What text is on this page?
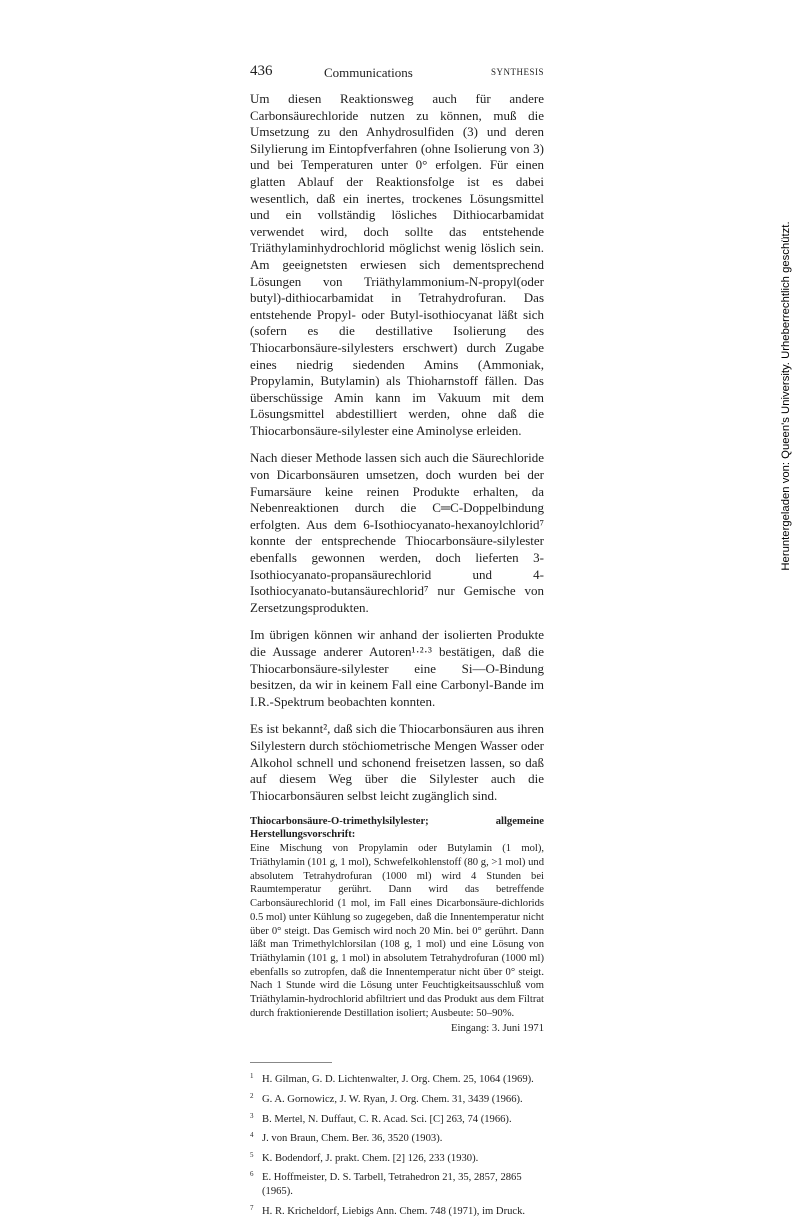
436	Communications	SYNTHESIS

Um diesen Reaktionsweg auch für andere Carbonsäurechloride nutzen zu können, muß die Umsetzung zu den Anhydrosulfiden (3) und deren Silylierung im Eintopfverfahren (ohne Isolierung von 3) und bei Temperaturen unter 0° erfolgen. Für einen glatten Ablauf der Reaktionsfolge ist es dabei wesentlich, daß ein inertes, trockenes Lösungsmittel und ein vollständig lösliches Dithiocarbamidat verwendet wird, doch sollte das entstehende Triäthylaminhydrochlorid möglichst wenig löslich sein. Am geeignetsten erwiesen sich dementsprechend Lösungen von Triäthylammonium-N-propyl(oder butyl)-dithiocarbamidat in Tetrahydrofuran. Das entstehende Propyl- oder Butyl-isothiocyanat läßt sich (sofern es die destillative Isolierung des Thiocarbonsäure-silylesters erschwert) durch Zugabe eines niedrig siedenden Amins (Ammoniak, Propylamin, Butylamin) als Thioharnstoff fällen. Das überschüssige Amin kann im Vakuum mit dem Lösungsmittel abdestilliert werden, ohne daß die Thiocarbonsäure-silylester eine Aminolyse erleiden.

Nach dieser Methode lassen sich auch die Säurechloride von Dicarbonsäuren umsetzen, doch wurden bei der Fumarsäure keine reinen Produkte erhalten, da Nebenreaktionen durch die C═C-Doppelbindung erfolgten. Aus dem 6-Isothiocyanato-hexanoylchlorid⁷ konnte der entsprechende Thiocarbonsäure-silylester ebenfalls gewonnen werden, doch lieferten 3-Isothiocyanato-propansäurechlorid und 4-Isothiocyanato-butansäurechlorid⁷ nur Gemische von Zersetzungsprodukten.

Im übrigen können wir anhand der isolierten Produkte die Aussage anderer Autoren¹·²·³ bestätigen, daß die Thiocarbonsäure-silylester eine Si—O-Bindung besitzen, da wir in keinem Fall eine Carbonyl-Bande im I.R.-Spektrum beobachten konnten.

Es ist bekannt², daß sich die Thiocarbonsäuren aus ihren Silylestern durch stöchiometrische Mengen Wasser oder Alkohol schnell und schonend freisetzen lassen, so daß auf diesem Weg über die Silylester auch die Thiocarbonsäuren selbst leicht zugänglich sind.

Thiocarbonsäure-O-trimethylsilylester; allgemeine Herstellungsvorschrift:

Eine Mischung von Propylamin oder Butylamin (1 mol), Triäthylamin (101 g, 1 mol), Schwefelkohlenstoff (80 g, >1 mol) und absolutem Tetrahydrofuran (1000 ml) wird 4 Stunden bei Raumtemperatur gerührt. Dann wird das betreffende Carbonsäurechlorid (1 mol, im Fall eines Dicarbonsäure-dichlorids 0.5 mol) unter Kühlung so zugegeben, daß die Innentemperatur nicht über 0° steigt. Das Gemisch wird noch 20 Min. bei 0° gerührt. Dann läßt man Trimethylchlorsilan (108 g, 1 mol) und eine Lösung von Triäthylamin (101 g, 1 mol) in absolutem Tetrahydrofuran (1000 ml) ebenfalls so zutropfen, daß die Innentemperatur nicht über 0° steigt. Nach 1 Stunde wird die Lösung unter Feuchtigkeitsausschluß vom Triäthylamin-hydrochlorid abfiltriert und das Produkt aus dem Filtrat durch fraktionierende Destillation isoliert; Ausbeute: 50–90%.

Eingang: 3. Juni 1971

1 H. Gilman, G. D. Lichtenwalter, J. Org. Chem. 25, 1064 (1969).
2 G. A. Gornowicz, J. W. Ryan, J. Org. Chem. 31, 3439 (1966).
3 B. Mertel, N. Duffaut, C. R. Acad. Sci. [C] 263, 74 (1966).
4 J. von Braun, Chem. Ber. 36, 3520 (1903).
5 K. Bodendorf, J. prakt. Chem. [2] 126, 233 (1930).
6 E. Hoffmeister, D. S. Tarbell, Tetrahedron 21, 35, 2857, 2865 (1965).
7 H. R. Kricheldorf, Liebigs Ann. Chem. 748 (1971), im Druck.
Heruntergeladen von: Queen's University. Urheberrechtlich geschützt.
